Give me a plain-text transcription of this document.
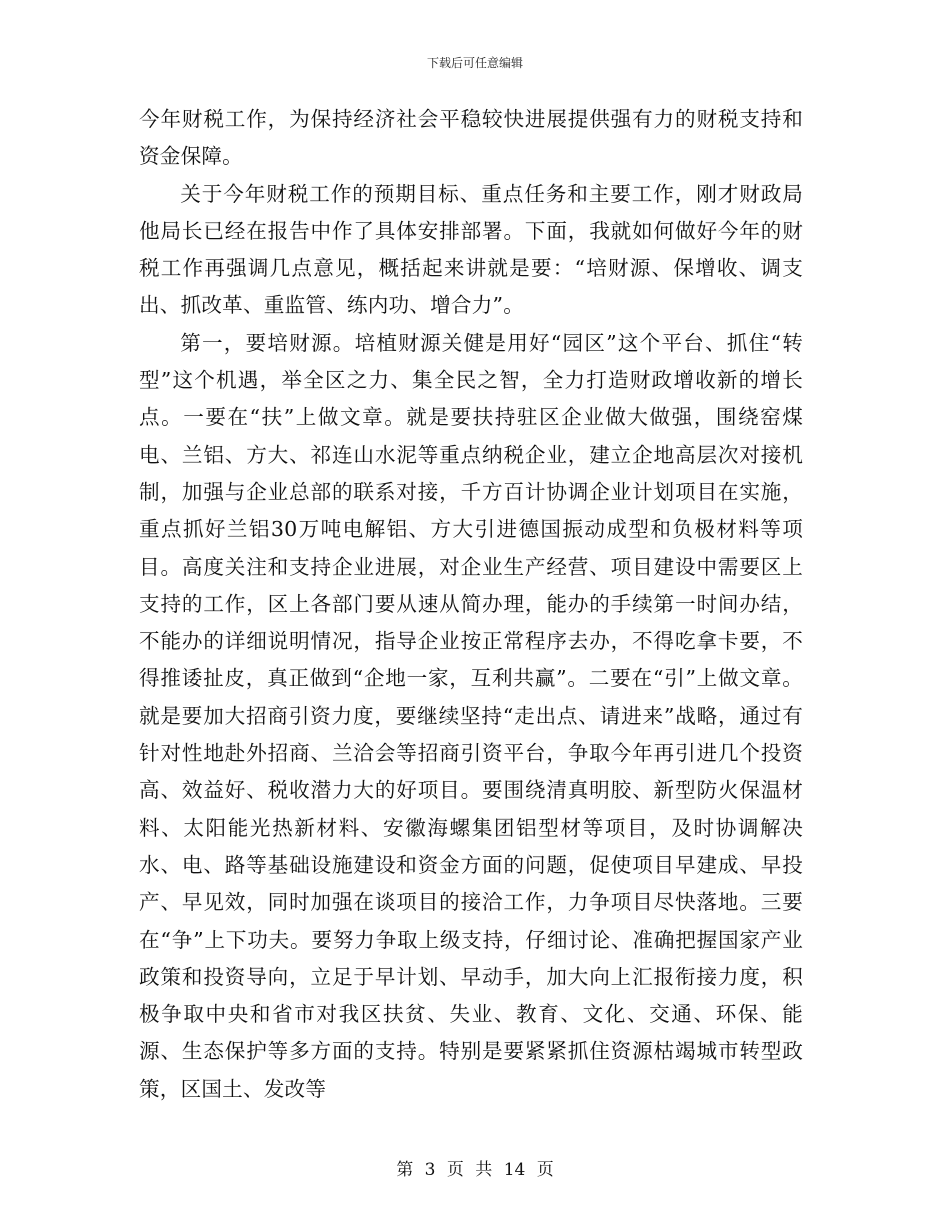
下载后可任意编辑

今年财税工作，为保持经济社会平稳较快进展提供强有力的财税支持和资金保障。

关于今年财税工作的预期目标、重点任务和主要工作，刚才财政局他局长已经在报告中作了具体安排部署。下面，我就如何做好今年的财税工作再强调几点意见，概括起来讲就是要：“培财源、保增收、调支出、抓改革、重监管、练内功、增合力”。

第一，要培财源。培植财源关健是用好“园区”这个平台、抓住“转型”这个机遇，举全区之力、集全民之智，全力打造财政增收新的增长点。一要在“扶”上做文章。就是要扶持驻区企业做大做强，围绕窑煤电、兰铝、方大、祁连山水泥等重点纳税企业，建立企地高层次对接机制，加强与企业总部的联系对接，千方百计协调企业计划项目在实施，重点抓好兰铝30万吨电解铝、方大引进德国振动成型和负极材料等项目。高度关注和支持企业进展，对企业生产经营、项目建设中需要区上支持的工作，区上各部门要从速从简办理，能办的手续第一时间办结，不能办的详细说明情况，指导企业按正常程序去办，不得吃拿卡要，不得推诿扯皮，真正做到“企地一家，互利共赢”。二要在“引”上做文章。就是要加大招商引资力度，要继续坚持“走出点、请进来”战略，通过有针对性地赴外招商、兰洽会等招商引资平台，争取今年再引进几个投资高、效益好、税收潜力大的好项目。要围绕清真明胶、新型防火保温材料、太阳能光热新材料、安徽海螺集团铝型材等项目，及时协调解决水、电、路等基础设施建设和资金方面的问题，促使项目早建成、早投产、早见效，同时加强在谈项目的接洽工作，力争项目尽快落地。三要在“争”上下功夫。要努力争取上级支持，仔细讨论、准确把握国家产业政策和投资导向，立足于早计划、早动手，加大向上汇报衔接力度，积极争取中央和省市对我区扶贫、失业、教育、文化、交通、环保、能源、生态保护等多方面的支持。特别是要紧紧抓住资源枯竭城市转型政策，区国土、发改等

第 3 页 共 14 页
